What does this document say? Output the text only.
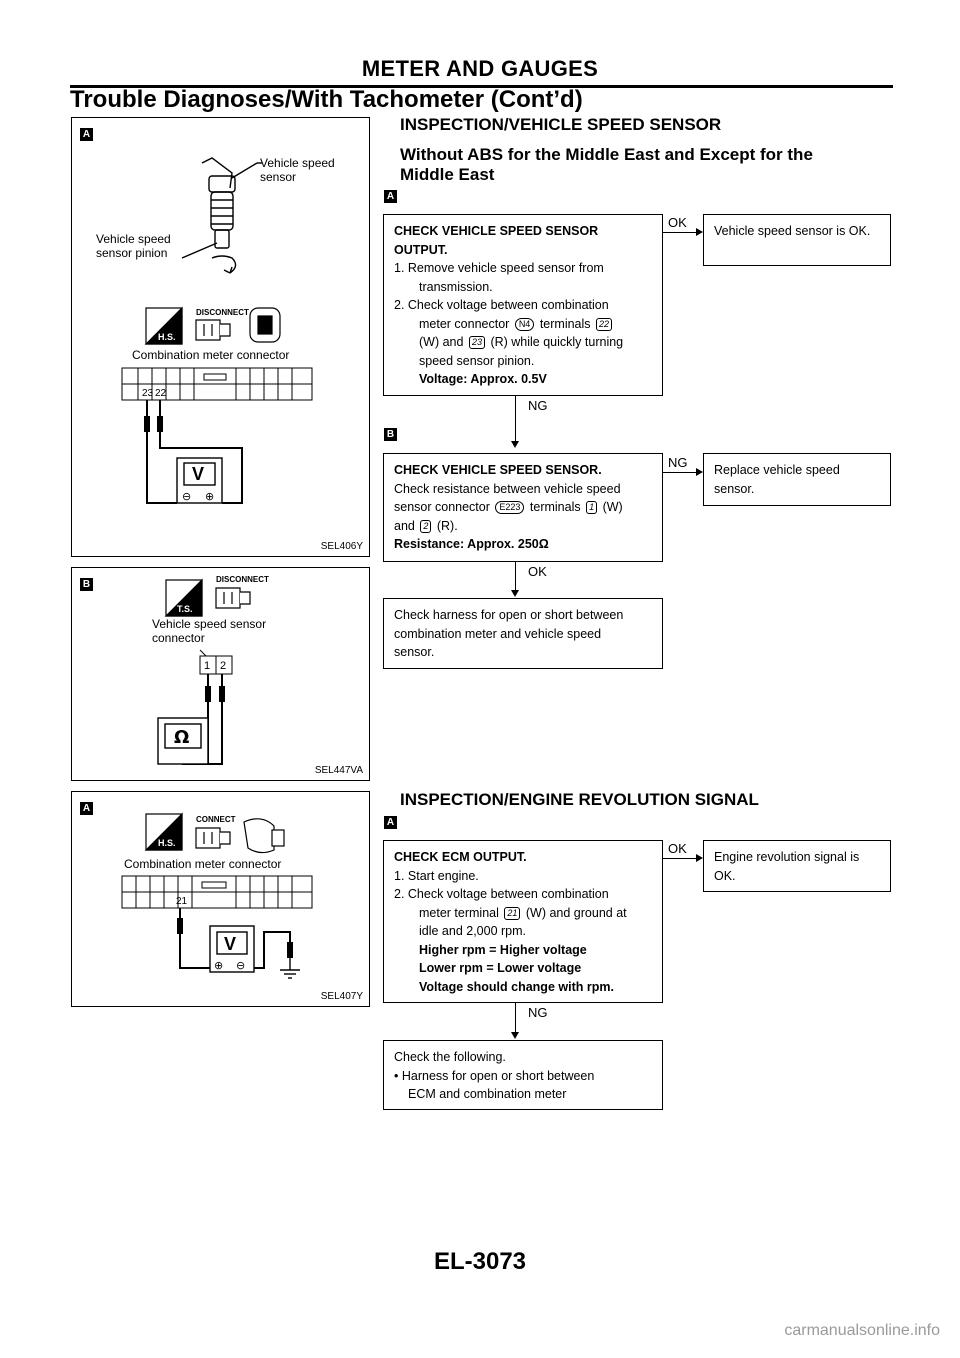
METER AND GAUGES
Trouble Diagnoses/With Tachometer (Cont’d)
A
Vehicle speed
sensor
Vehicle speed
sensor pinion
H.S.
DISCONNECT
ON
Combination meter connector
23 22
V
⊖ ⊕
SEL406Y
B
T.S.
DISCONNECT
Vehicle speed sensor
connector
1 2
Ω
SEL447VA
A
H.S.
CONNECT
Combination meter connector
21
V
⊕ ⊖
SEL407Y
INSPECTION/VEHICLE SPEED SENSOR
Without ABS for the Middle East and Except for the
Middle East
A
CHECK VEHICLE SPEED SENSOR
OUTPUT.
1. Remove vehicle speed sensor from
transmission.
2. Check voltage between combination
meter connector N4 terminals 22
(W) and 23 (R) while quickly turning
speed sensor pinion.
Voltage: Approx. 0.5V
OK
Vehicle speed sensor is OK.
NG
B
CHECK VEHICLE SPEED SENSOR.
Check resistance between vehicle speed
sensor connector E223 terminals 1 (W)
and 2 (R).
Resistance: Approx. 250Ω
NG Replace vehicle speed sensor.
OK
Check harness for open or short between
combination meter and vehicle speed
sensor.
INSPECTION/ENGINE REVOLUTION SIGNAL
A
CHECK ECM OUTPUT.
1. Start engine.
2. Check voltage between combination
meter terminal 21 (W) and ground at
idle and 2,000 rpm.
Higher rpm = Higher voltage
Lower rpm = Lower voltage
Voltage should change with rpm.
OK
Engine revolution signal is OK.
NG
Check the following.
• Harness for open or short between
ECM and combination meter
EL-3073
carmanualsonline.info
